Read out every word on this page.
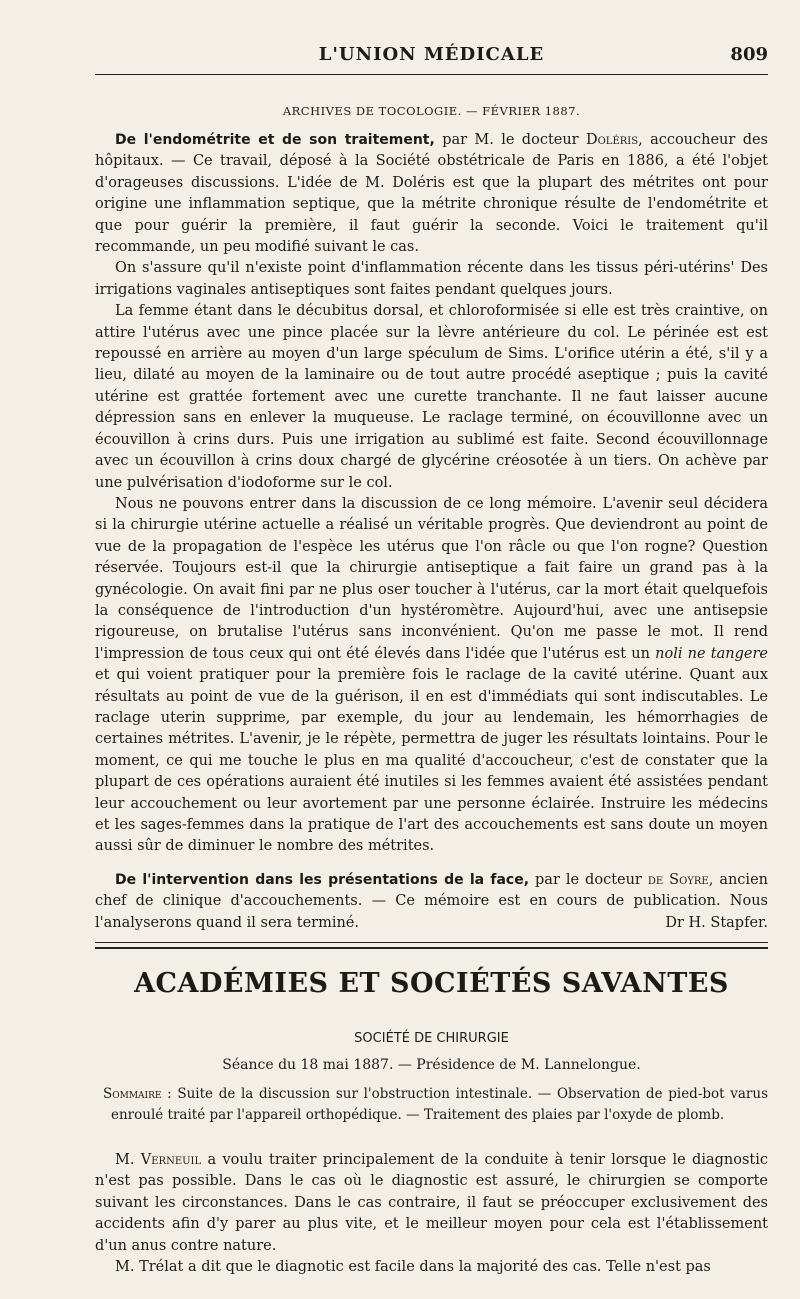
L'UNION MÉDICALE	809
ARCHIVES DE TOCOLOGIE. — FÉVRIER 1887.

De l'endométrite et de son traitement, par M. le docteur Doléris, accoucheur des hôpitaux. — Ce travail, déposé à la Société obstétricale de Paris en 1886, a été l'objet d'orageuses discussions. L'idée de M. Doléris est que la plupart des métrites ont pour origine une inflammation septique, que la métrite chronique résulte de l'endométrite et que pour guérir la première, il faut guérir la seconde. Voici le traitement qu'il recommande, un peu modifié suivant le cas.

On s'assure qu'il n'existe point d'inflammation récente dans les tissus péri-utérins' Des irrigations vaginales antiseptiques sont faites pendant quelques jours.

La femme étant dans le décubitus dorsal, et chloroformisée si elle est très craintive, on attire l'utérus avec une pince placée sur la lèvre antérieure du col. Le périnée est est repoussé en arrière au moyen d'un large spéculum de Sims. L'orifice utérin a été, s'il y a lieu, dilaté au moyen de la laminaire ou de tout autre procédé aseptique ; puis la cavité utérine est grattée fortement avec une curette tranchante. Il ne faut laisser aucune dépression sans en enlever la muqueuse. Le raclage terminé, on écouvillonne avec un écouvillon à crins durs. Puis une irrigation au sublimé est faite. Second écouvillonnage avec un écouvillon à crins doux chargé de glycérine créosotée à un tiers. On achève par une pulvérisation d'iodoforme sur le col.

Nous ne pouvons entrer dans la discussion de ce long mémoire. L'avenir seul décidera si la chirurgie utérine actuelle a réalisé un véritable progrès. Que deviendront au point de vue de la propagation de l'espèce les utérus que l'on râcle ou que l'on rogne? Question réservée. Toujours est-il que la chirurgie antiseptique a fait faire un grand pas à la gynécologie. On avait fini par ne plus oser toucher à l'utérus, car la mort était quelquefois la conséquence de l'introduction d'un hystéromètre. Aujourd'hui, avec une antisepsie rigoureuse, on brutalise l'utérus sans inconvénient. Qu'on me passe le mot. Il rend l'impression de tous ceux qui ont été élevés dans l'idée que l'utérus est un noli ne tangere et qui voient pratiquer pour la première fois le raclage de la cavité utérine. Quant aux résultats au point de vue de la guérison, il en est d'immédiats qui sont indiscutables. Le raclage uterin supprime, par exemple, du jour au lendemain, les hémorrhagies de certaines métrites. L'avenir, je le répète, permettra de juger les résultats lointains. Pour le moment, ce qui me touche le plus en ma qualité d'accoucheur, c'est de constater que la plupart de ces opérations auraient été inutiles si les femmes avaient été assistées pendant leur accouchement ou leur avortement par une personne éclairée. Instruire les médecins et les sages-femmes dans la pratique de l'art des accouchements est sans doute un moyen aussi sûr de diminuer le nombre des métrites.

De l'intervention dans les présentations de la face, par le docteur de Soyre, ancien chef de clinique d'accouchements. — Ce mémoire est en cours de publication. Nous l'analyserons quand il sera terminé.	Dr H. Stapfer.
ACADÉMIES ET SOCIÉTÉS SAVANTES
SOCIÉTÉ DE CHIRURGIE
Séance du 18 mai 1887. — Présidence de M. Lannelongue.
Sommaire : Suite de la discussion sur l'obstruction intestinale. — Observation de pied-bot varus enroulé traité par l'appareil orthopédique. — Traitement des plaies par l'oxyde de plomb.

M. Verneuil a voulu traiter principalement de la conduite à tenir lorsque le diagnostic n'est pas possible. Dans le cas où le diagnostic est assuré, le chirurgien se comporte suivant les circonstances. Dans le cas contraire, il faut se préoccuper exclusivement des accidents afin d'y parer au plus vite, et le meilleur moyen pour cela est l'établissement d'un anus contre nature.

M. Trélat a dit que le diagnotic est facile dans la majorité des cas. Telle n'est pas
